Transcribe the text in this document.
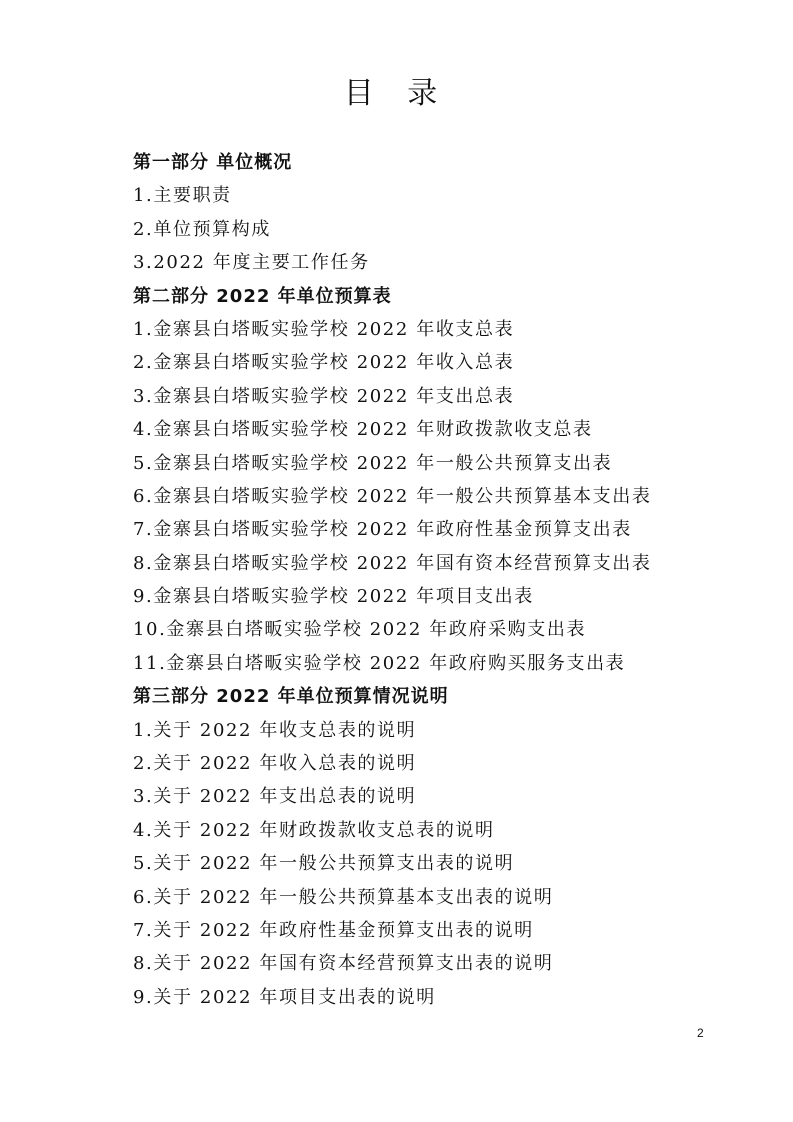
目 录
第一部分 单位概况
1.主要职责
2.单位预算构成
3.2022 年度主要工作任务
第二部分 2022 年单位预算表
1.金寨县白塔畈实验学校 2022 年收支总表
2.金寨县白塔畈实验学校 2022 年收入总表
3.金寨县白塔畈实验学校 2022 年支出总表
4.金寨县白塔畈实验学校 2022 年财政拨款收支总表
5.金寨县白塔畈实验学校 2022 年一般公共预算支出表
6.金寨县白塔畈实验学校 2022 年一般公共预算基本支出表
7.金寨县白塔畈实验学校 2022 年政府性基金预算支出表
8.金寨县白塔畈实验学校 2022 年国有资本经营预算支出表
9.金寨县白塔畈实验学校 2022 年项目支出表
10.金寨县白塔畈实验学校 2022 年政府采购支出表
11.金寨县白塔畈实验学校 2022 年政府购买服务支出表
第三部分 2022 年单位预算情况说明
1.关于 2022 年收支总表的说明
2.关于 2022 年收入总表的说明
3.关于 2022 年支出总表的说明
4.关于 2022 年财政拨款收支总表的说明
5.关于 2022 年一般公共预算支出表的说明
6.关于 2022 年一般公共预算基本支出表的说明
7.关于 2022 年政府性基金预算支出表的说明
8.关于 2022 年国有资本经营预算支出表的说明
9.关于 2022 年项目支出表的说明
2
